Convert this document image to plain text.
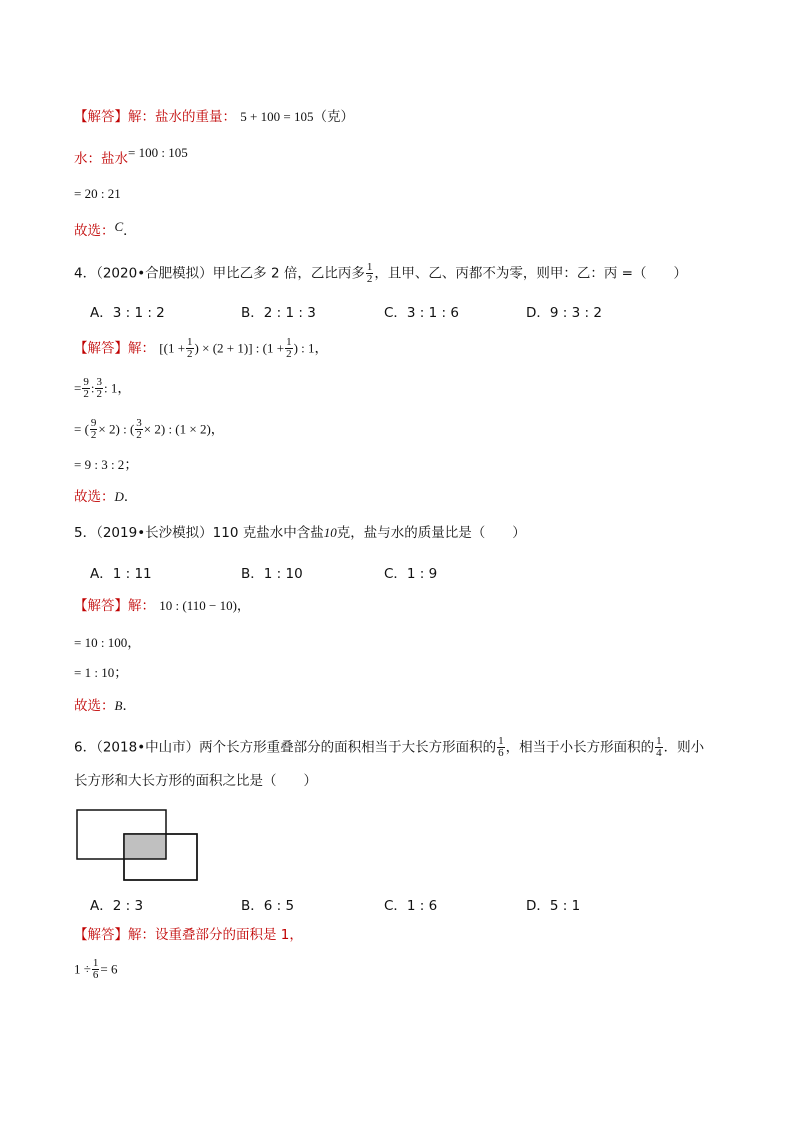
【解答】解：盐水的重量： 5 + 100 = 105（克）
水：盐水= 100 : 105
= 20 : 21
故选：C．
4．（2020•合肥模拟）甲比乙多 2 倍，乙比丙多 $\frac{1}{2}$ ，且甲、乙、丙都不为零，则甲：乙：丙 =（　　）
A．3 : 1 : 2	B．2 : 1 : 3	C．3 : 1 : 6	D．9 : 3 : 2
【解答】解： [($1 + \frac{1}{2}$ ) × (2 + 1)] : ($1 + \frac{1}{2}$ ) : 1，
= $\frac{9}{2}$ : $\frac{3}{2}$ : 1，
= ( $\frac{9}{2} \times 2$) : ( $\frac{3}{2} \times 2$) : (1 × 2)，
= 9 : 3 : 2；
故选：D．
5．（2019•长沙模拟）110 克盐水中含盐10克，盐与水的质量比是（　　）
A．1 : 11	B．1 : 10	C．1 : 9
【解答】解： 10 : (110 − 10)，
= 10 : 100，
= 1 : 10；
故选：B．
6．（2018•中山市）两个长方形重叠部分的面积相当于大长方形面积的 $\frac{1}{6}$ ，相当于小长方形面积的 $\frac{1}{4}$ ．则小
长方形和大长方形的面积之比是（　　）
A．2 : 3	B．6 : 5	C．1 : 6	D．5 : 1
【解答】解：设重叠部分的面积是 1，
$1 \div \frac{1}{6} = 6$
